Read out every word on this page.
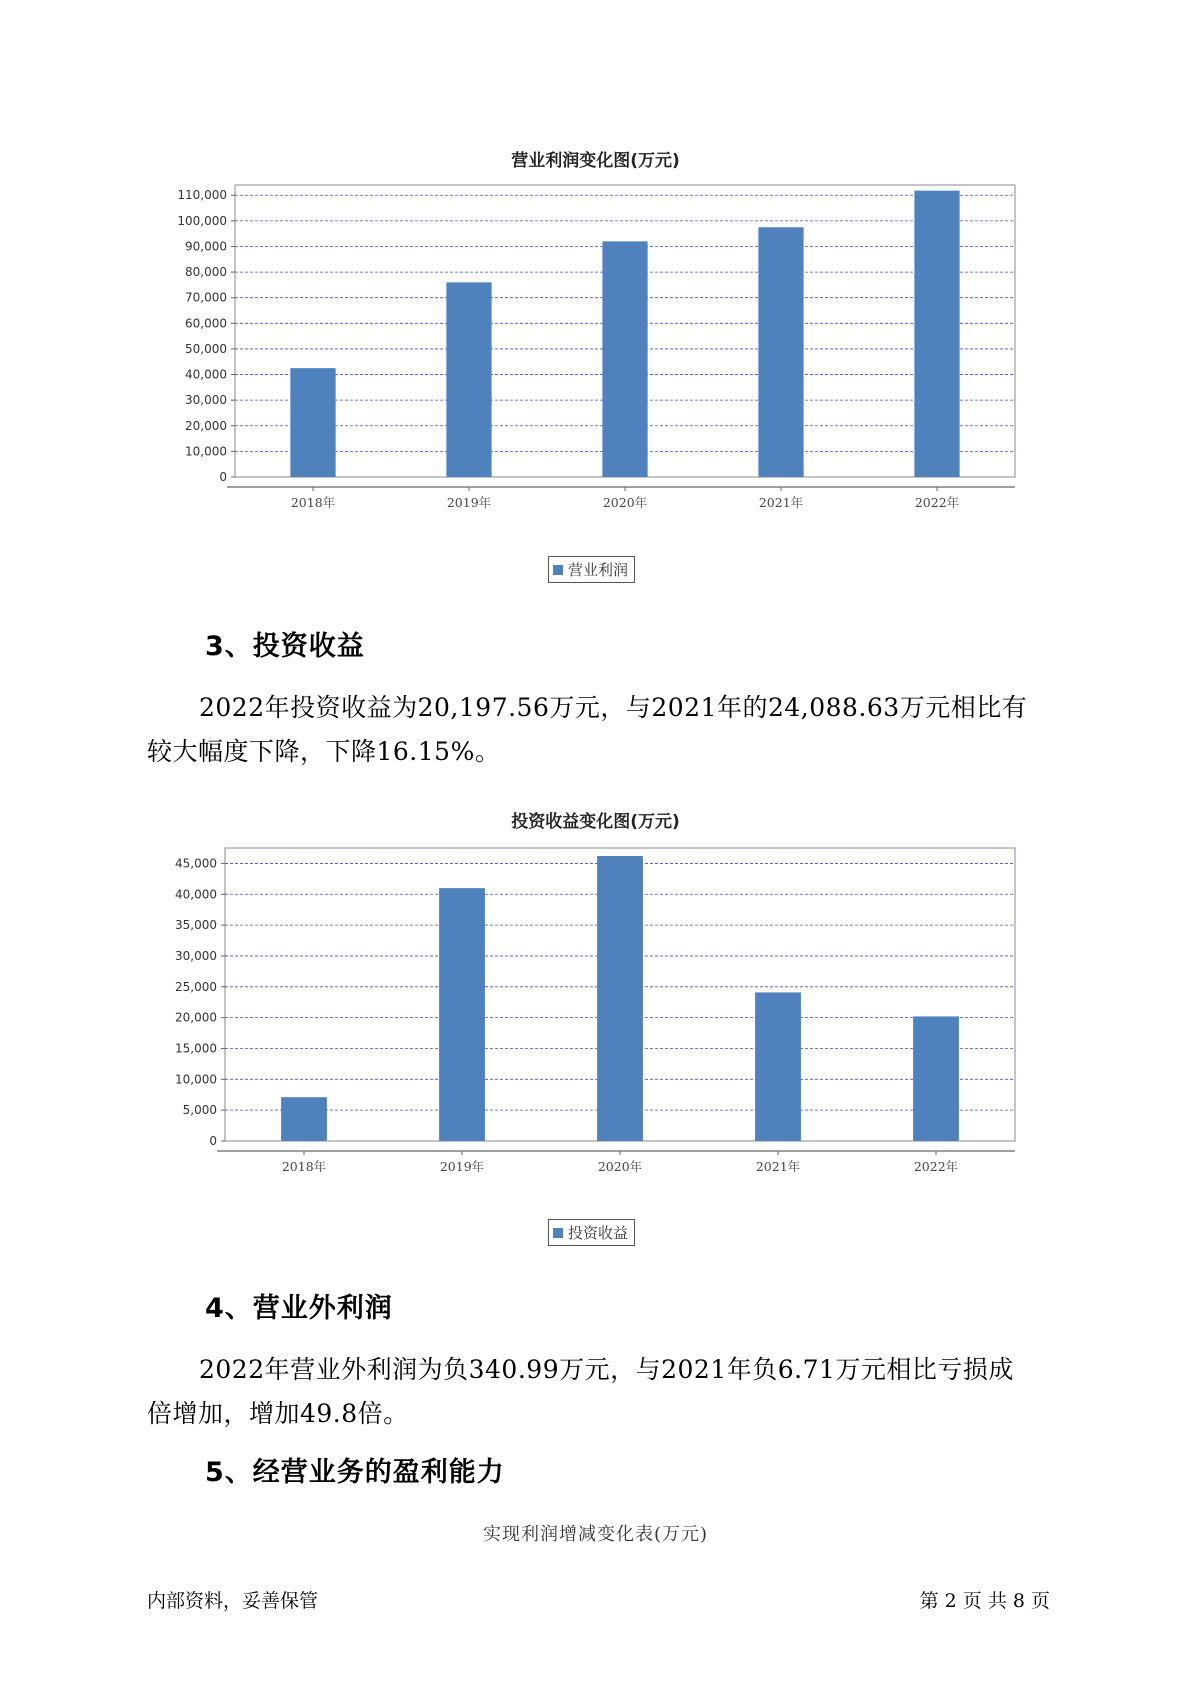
营业利润变化图(万元)
0
10,000
20,000
30,000
40,000
50,000
60,000
70,000
80,000
90,000
100,000
110,000
2018年	2019年	2020年	2021年	2022年
营业利润
3、投资收益
2022年投资收益为20,197.56万元，与2021年的24,088.63万元相比有
较大幅度下降，下降16.15%。
投资收益变化图(万元)
0
5,000
10,000
15,000
20,000
25,000
30,000
35,000
40,000
45,000
2018年	2019年	2020年	2021年	2022年
投资收益
4、营业外利润
2022年营业外利润为负340.99万元，与2021年负6.71万元相比亏损成
倍增加，增加49.8倍。
5、经营业务的盈利能力
实现利润增减变化表(万元)
内部资料，妥善保管	第 2 页 共 8 页
